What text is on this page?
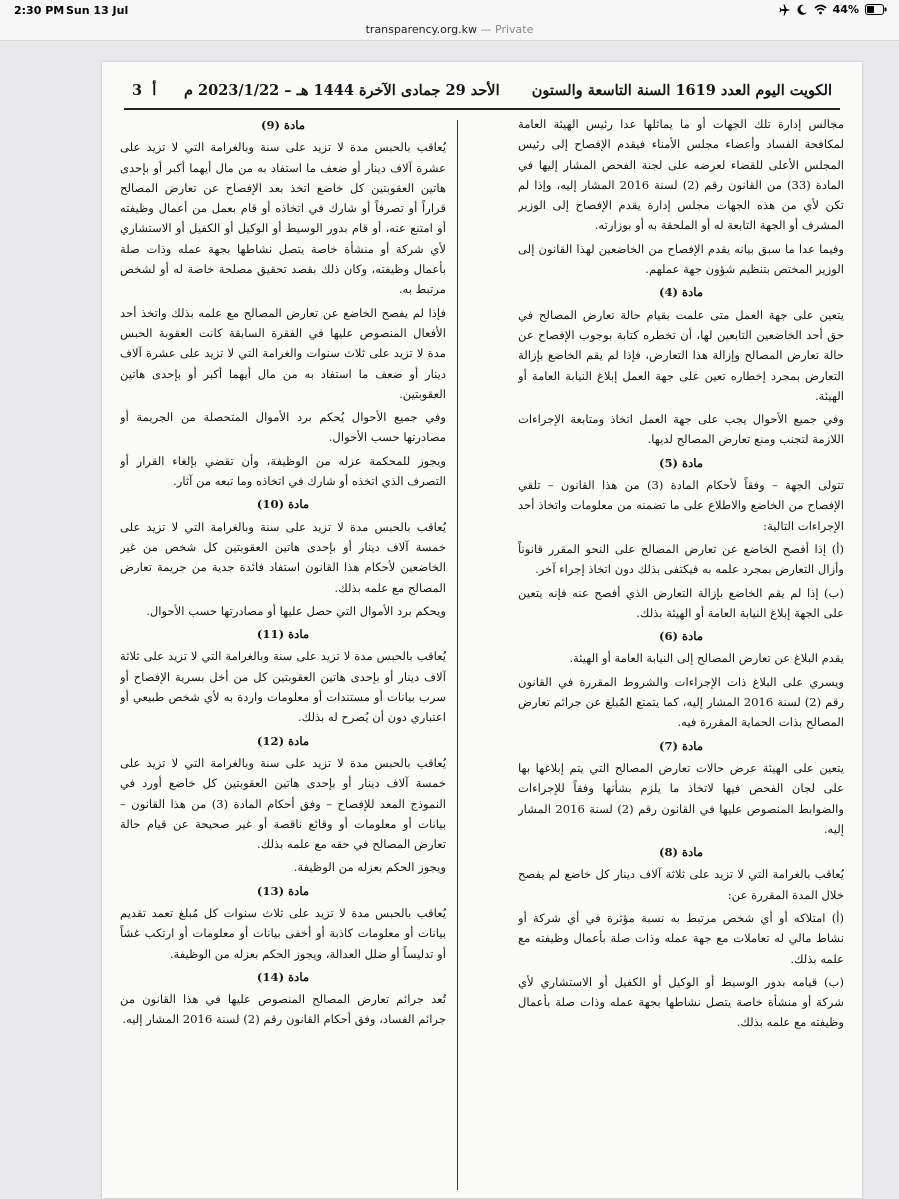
2:30 PM Sun 13 Jul	44%
transparency.org.kw — Private
الكويت اليوم العدد 1619 السنة التاسعة والستون
الأحد 29 جمادى الآخرة 1444 هـ – 2023/1/22 م
أ  3

مجالس إدارة تلك الجهات أو ما يماثلها عدا رئيس الهيئة العامة لمكافحة الفساد وأعضاء مجلس الأمناء فيقدم الإفصاح إلى رئيس المجلس الأعلى للقضاء لعرضه على لجنة الفحص المشار إليها في المادة (33) من القانون رقم (2) لسنة 2016 المشار إليه، وإذا لم تكن لأي من هذه الجهات مجلس إدارة يقدم الإفصاح إلى الوزير المشرف أو الجهة التابعة له أو الملحقة به أو بوزارته.

وفيما عدا ما سبق بيانه يقدم الإفصاح من الخاضعين لهذا القانون إلى الوزير المختص بتنظيم شؤون جهة عملهم.

مادة (4)

يتعين على جهة العمل متى علمت بقيام حالة تعارض المصالح في حق أحد الخاضعين التابعين لها، أن تخطره كتابة بوجوب الإفصاح عن حالة تعارض المصالح وإزالة هذا التعارض، فإذا لم يقم الخاضع بإزالة التعارض بمجرد إخطاره تعين على جهة العمل إبلاغ النيابة العامة أو الهيئة.

وفي جميع الأحوال يجب على جهة العمل اتخاذ ومتابعة الإجراءات اللازمة لتجنب ومنع تعارض المصالح لديها.

مادة (5)

تتولى الجهة – وفقاً لأحكام المادة (3) من هذا القانون – تلقي الإفصاح من الخاضع والاطلاع على ما تضمنه من معلومات واتخاذ أحد الإجراءات التالية:

(أ) إذا أفصح الخاضع عن تعارض المصالح على النحو المقرر قانوناً وأزال التعارض بمجرد علمه به فيكتفى بذلك دون اتخاذ إجراء آخر.

(ب) إذا لم يقم الخاضع بإزالة التعارض الذي أفصح عنه فإنه يتعين على الجهة إبلاغ النيابة العامة أو الهيئة بذلك.

مادة (6)

يقدم البلاغ عن تعارض المصالح إلى النيابة العامة أو الهيئة.

ويسري على البلاغ ذات الإجراءات والشروط المقررة في القانون رقم (2) لسنة 2016 المشار إليه، كما يتمتع المُبلغ عن جرائم تعارض المصالح بذات الحماية المقررة فيه.

مادة (7)

يتعين على الهيئة عرض حالات تعارض المصالح التي يتم إبلاغها بها على لجان الفحص فيها لاتخاذ ما يلزم بشأنها وفقاً للإجراءات والضوابط المنصوص عليها في القانون رقم (2) لسنة 2016 المشار إليه.

مادة (8)

يُعاقب بالغرامة التي لا تزيد على ثلاثة آلاف دينار كل خاضع لم يفصح خلال المدة المقررة عن:

(أ) امتلاكه أو أي شخص مرتبط به نسبة مؤثرة في أي شركة أو نشاط مالي له تعاملات مع جهة عمله وذات صلة بأعمال وظيفته مع علمه بذلك.

(ب) قيامه بدور الوسيط أو الوكيل أو الكفيل أو الاستشاري لأي شركة أو منشأة خاصة يتصل نشاطها بجهة عمله وذات صلة بأعمال وظيفته مع علمه بذلك.

مادة (9)

يُعاقب بالحبس مدة لا تزيد على سنة وبالغرامة التي لا تزيد على عشرة آلاف دينار أو ضعف ما استفاد به من مال أيهما أكبر أو بإحدى هاتين العقوبتين كل خاضع اتخذ بعد الإفصاح عن تعارض المصالح قراراً أو تصرفاً أو شارك في اتخاذه أو قام بعمل من أعمال وظيفته أو امتنع عنه، أو قام بدور الوسيط أو الوكيل أو الكفيل أو الاستشاري لأي شركة أو منشأة خاصة يتصل نشاطها بجهة عمله وذات صلة بأعمال وظيفته، وكان ذلك بقصد تحقيق مصلحة خاصة له أو لشخص مرتبط به.

فإذا لم يفصح الخاضع عن تعارض المصالح مع علمه بذلك واتخذ أحد الأفعال المنصوص عليها في الفقرة السابقة كانت العقوبة الحبس مدة لا تزيد على ثلاث سنوات والغرامة التي لا تزيد على عشرة آلاف دينار أو ضعف ما استفاد به من مال أيهما أكبر أو بإحدى هاتين العقوبتين.

وفي جميع الأحوال يُحكم برد الأموال المتحصلة من الجريمة أو مصادرتها حسب الأحوال.

ويجوز للمحكمة عزله من الوظيفة، وأن تقضي بإلغاء القرار أو التصرف الذي اتخذه أو شارك في اتخاذه وما تبعه من آثار.

مادة (10)

يُعاقب بالحبس مدة لا تزيد على سنة وبالغرامة التي لا تزيد على خمسة آلاف دينار أو بإحدى هاتين العقوبتين كل شخص من غير الخاضعين لأحكام هذا القانون استفاد فائدة جدية من جريمة تعارض المصالح مع علمه بذلك.

ويحكم برد الأموال التي حصل عليها أو مصادرتها حسب الأحوال.

مادة (11)

يُعاقب بالحبس مدة لا تزيد على سنة وبالغرامة التي لا تزيد على ثلاثة آلاف دينار أو بإحدى هاتين العقوبتين كل من أخل بسرية الإفصاح أو سرب بيانات أو مستندات أو معلومات واردة به لأي شخص طبيعي أو اعتباري دون أن يُصرح له بذلك.

مادة (12)

يُعاقب بالحبس مدة لا تزيد على سنة وبالغرامة التي لا تزيد على خمسة آلاف دينار أو بإحدى هاتين العقوبتين كل خاضع أورد في النموذج المعد للإفصاح – وفق أحكام المادة (3) من هذا القانون – بيانات أو معلومات أو وقائع ناقصة أو غير صحيحة عن قيام حالة تعارض المصالح في حقه مع علمه بذلك.

ويجوز الحكم بعزله من الوظيفة.

مادة (13)

يُعاقب بالحبس مدة لا تزيد على ثلاث سنوات كل مُبلغ تعمد تقديم بيانات أو معلومات كاذبة أو أخفى بيانات أو معلومات أو ارتكب غشاً أو تدليساً أو ضلل العدالة، ويجوز الحكم بعزله من الوظيفة.

مادة (14)

تُعد جرائم تعارض المصالح المنصوص عليها في هذا القانون من جرائم الفساد، وفق أحكام القانون رقم (2) لسنة 2016 المشار إليه.
